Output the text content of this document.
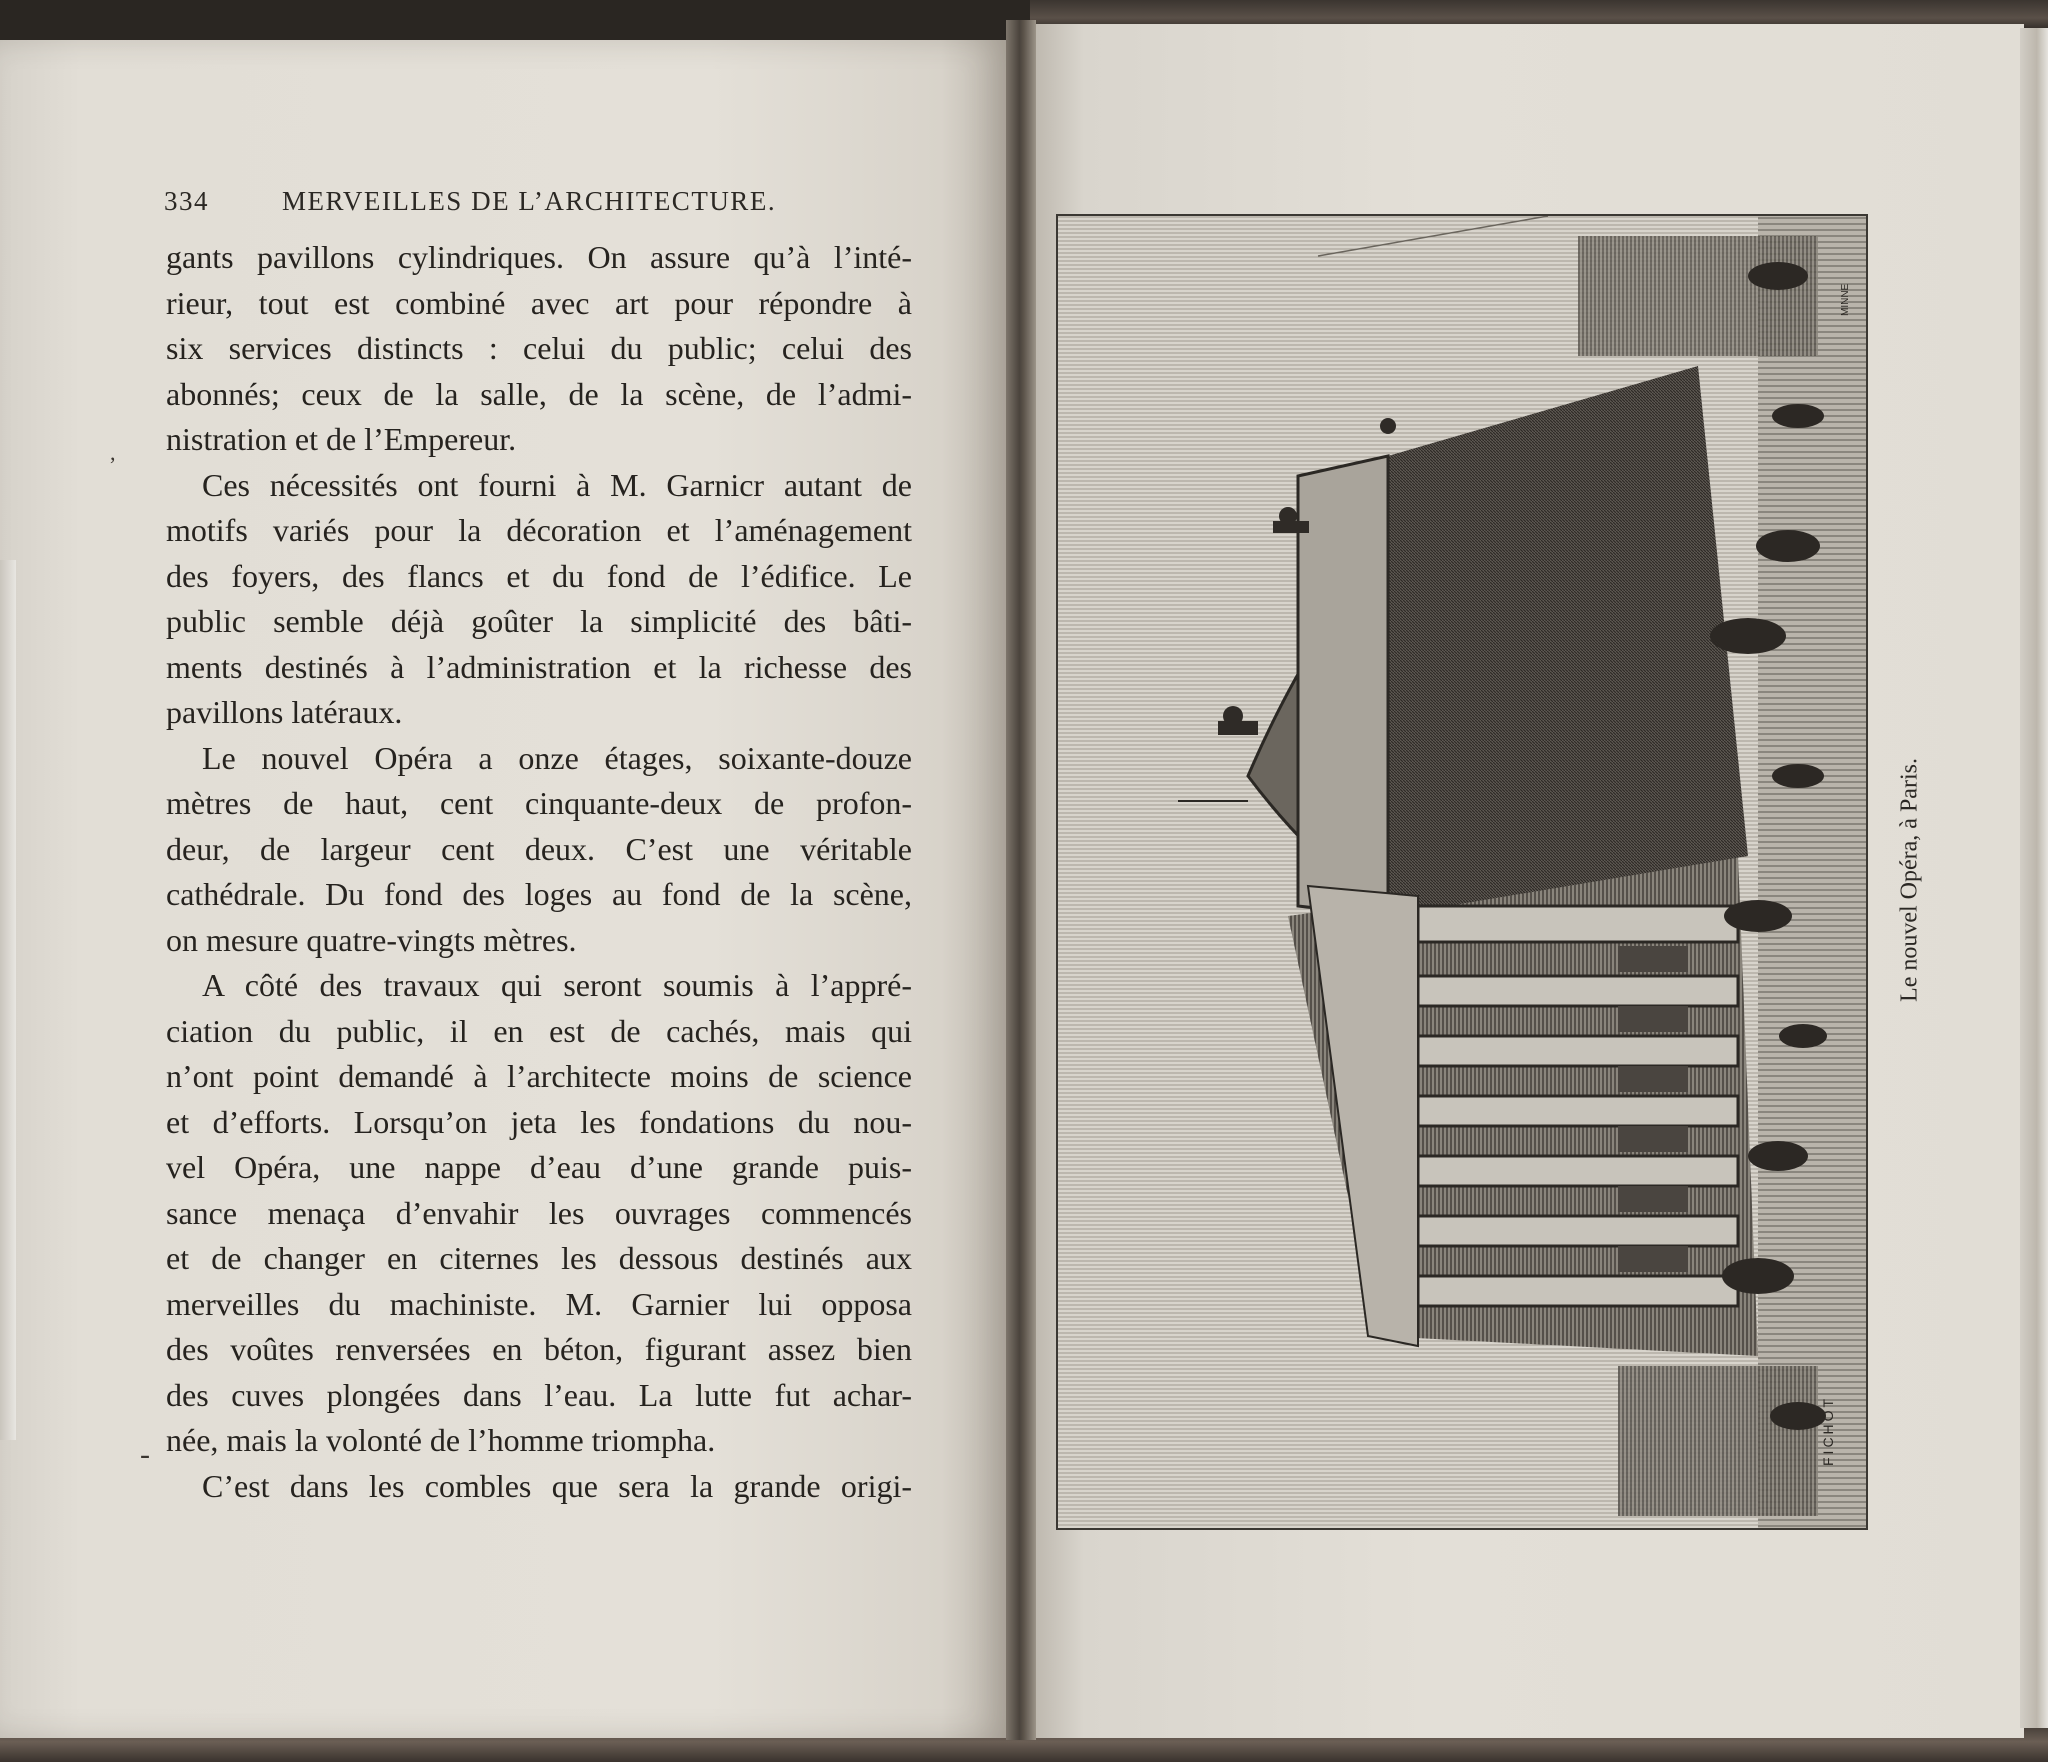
334	MERVEILLES DE L’ARCHITECTURE.
gants pavillons cylindriques. On assure qu’à l’inté-
rieur, tout est combiné avec art pour répondre à
six services distincts : celui du public; celui des
abonnés; ceux de la salle, de la scène, de l’admi-
nistration et de l’Empereur.
Ces nécessités ont fourni à M. Garnicr autant de
motifs variés pour la décoration et l’aménagement
des foyers, des flancs et du fond de l’édifice. Le
public semble déjà goûter la simplicité des bâti-
ments destinés à l’administration et la richesse des
pavillons latéraux.
Le nouvel Opéra a onze étages, soixante-douze
mètres de haut, cent cinquante-deux de profon-
deur, de largeur cent deux. C’est une véritable
cathédrale. Du fond des loges au fond de la scène,
on mesure quatre-vingts mètres.
A côté des travaux qui seront soumis à l’appré-
ciation du public, il en est de cachés, mais qui
n’ont point demandé à l’architecte moins de science
et d’efforts. Lorsqu’on jeta les fondations du nou-
vel Opéra, une nappe d’eau d’une grande puis-
sance menaça d’envahir les ouvrages commencés
et de changer en citernes les dessous destinés aux
merveilles du machiniste. M. Garnier lui opposa
des voûtes renversées en béton, figurant assez bien
des cuves plongées dans l’eau. La lutte fut achar-
née, mais la volonté de l’homme triompha.
C’est dans les combles que sera la grande origi-
,
-	FICHOT
MINNE
Le nouvel Opéra, à Paris.
